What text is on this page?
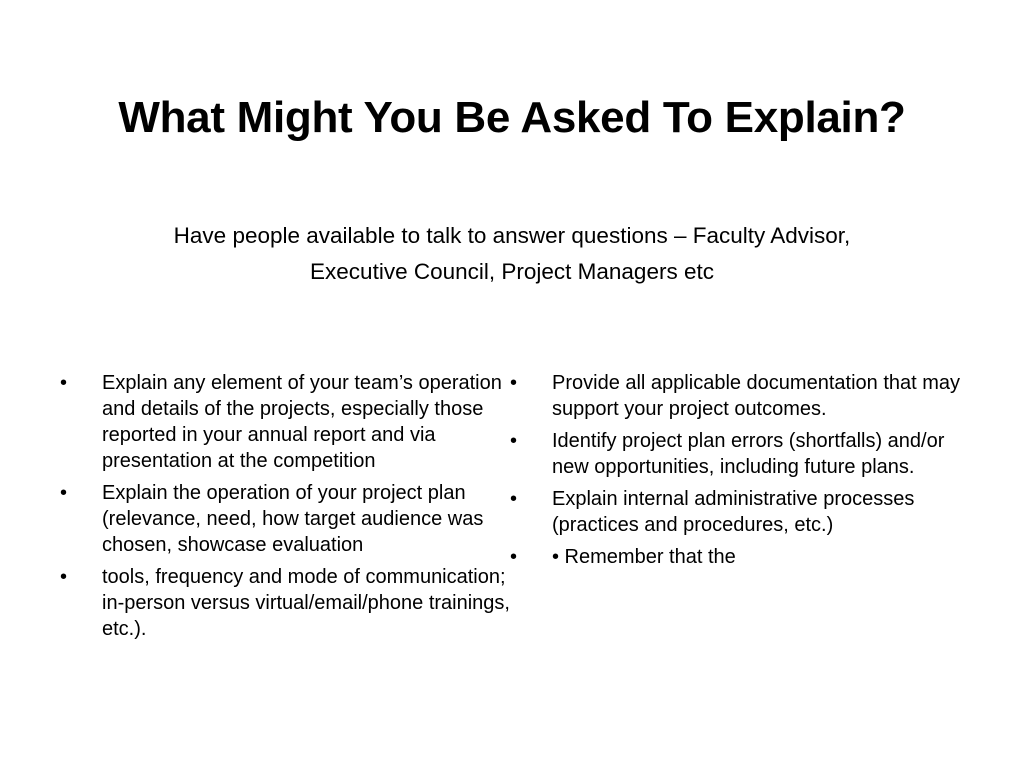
What Might You Be Asked To Explain?
Have people available to talk to answer questions – Faculty Advisor,
Executive Council, Project Managers etc
•	Explain any element of your team’s operation and details of the projects, especially those reported in your annual report and via presentation at the competition
•	Explain the operation of your project plan (relevance, need, how target audience was chosen, showcase evaluation
•	tools, frequency and mode of communication; in-person versus virtual/email/phone trainings, etc.).
•	Provide all applicable documentation that may support your project outcomes.
•	Identify project plan errors (shortfalls) and/or new opportunities, including future plans.
•	Explain internal administrative processes (practices and procedures, etc.)
•	• Remember that the
